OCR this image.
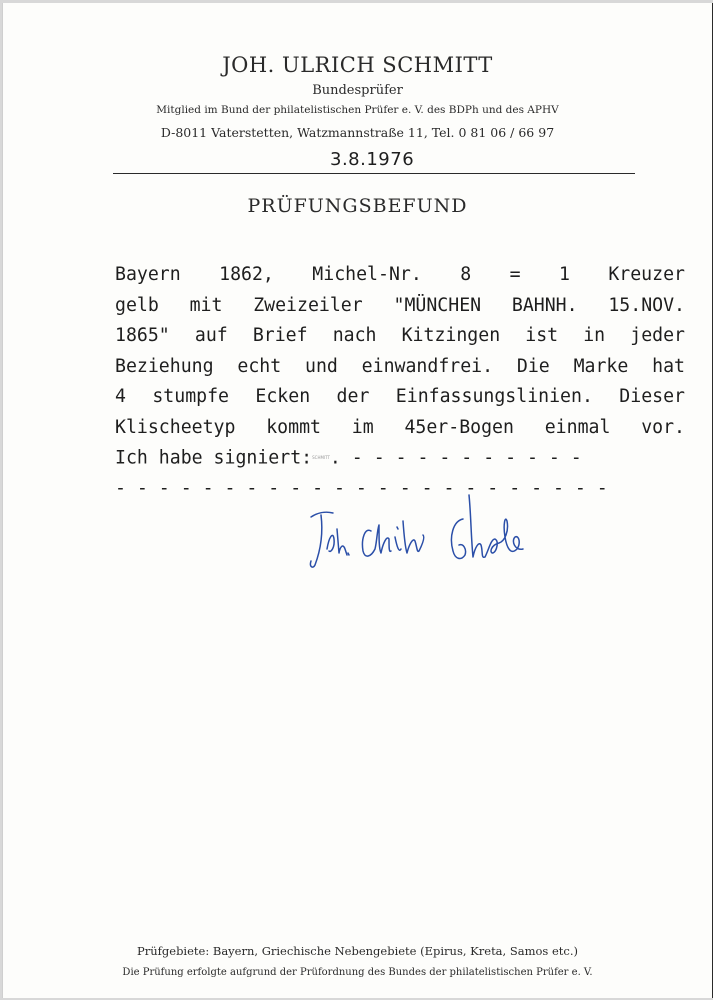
JOH. ULRICH SCHMITT
Bundesprüfer
Mitglied im Bund der philatelistischen Prüfer e. V. des BDPh und des APHV
D-8011 Vaterstetten, Watzmannstraße 11, Tel. 0 81 06 / 66 97
3.8.1976
PRÜFUNGSBEFUND
Bayern 1862, Michel-Nr. 8 = 1 Kreuzer
gelb mit Zweizeiler "MÜNCHEN BAHNH. 15.NOV.
1865" auf Brief nach Kitzingen ist in jeder
Beziehung echt und einwandfrei. Die Marke hat
4 stumpfe Ecken der Einfassungslinien. Dieser
Klischeetyp kommt im 45er-Bogen einmal vor.
Ich habe signiert:SCHMITT. - - - - - - - - - - -
- - - - - - - - - - - - - - - - - - - - - - -
Prüfgebiete: Bayern, Griechische Nebengebiete (Epirus, Kreta, Samos etc.)
Die Prüfung erfolgte aufgrund der Prüfordnung des Bundes der philatelistischen Prüfer e. V.
